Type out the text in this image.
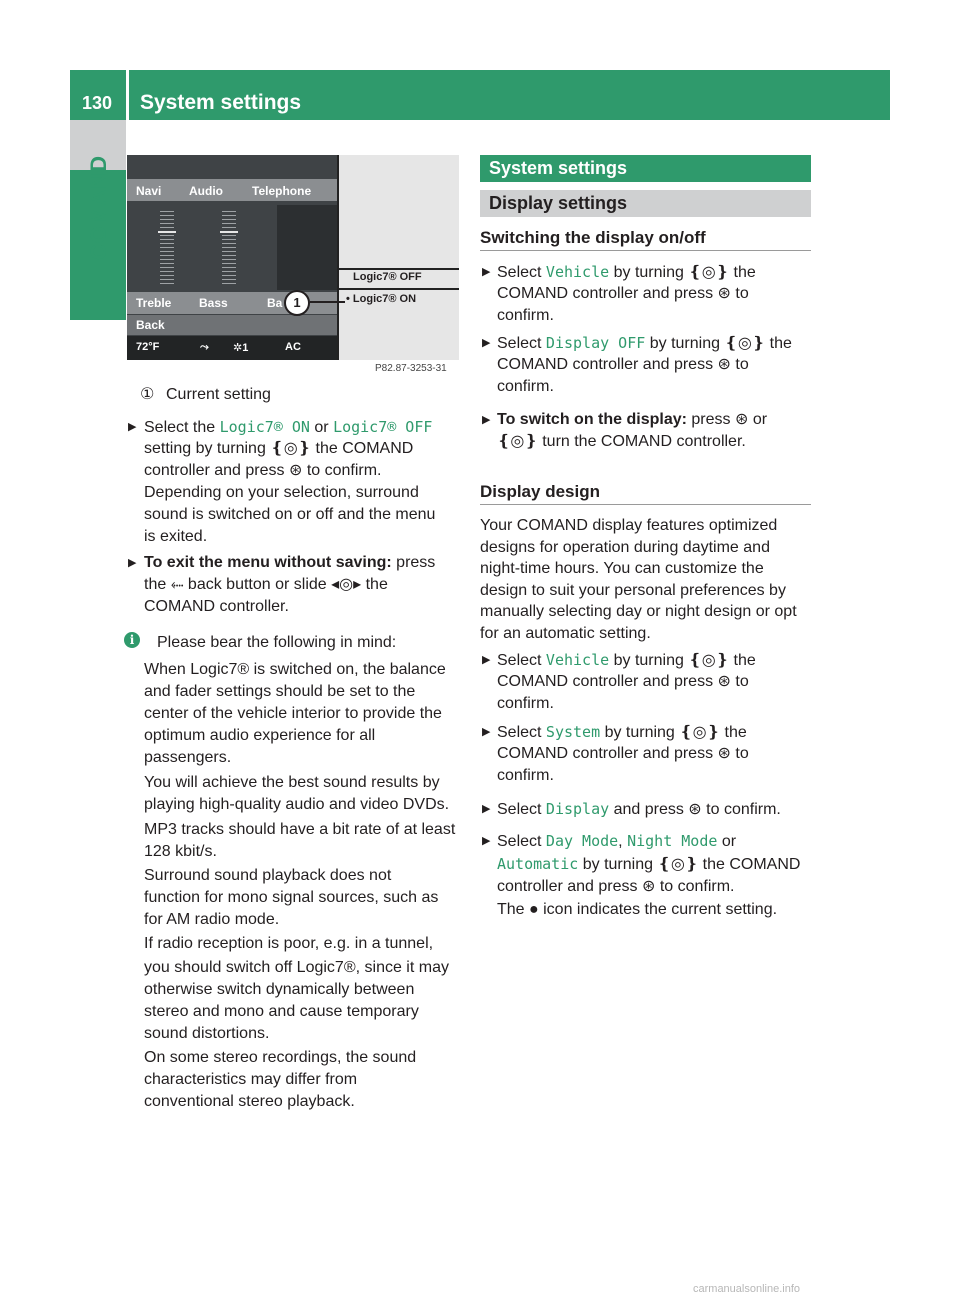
130 System settings
COMAND Navi Audio Telephone
Treble Bass	Ba
Back
72°F	⤳ ✲1	AC
Logic7® OFF
• Logic7® ON
1
P82.87-3253-31
① Current setting
▶ Select the Logic7® ON or Logic7® OFF
setting by turning ❴◎❵ the COMAND
controller and press ⊛ to confirm.
Depending on your selection, surround
sound is switched on or off and the menu
is exited.
▶ To exit the menu without saving: press
the ⬸ back button or slide ◂◎▸ the
COMAND controller.
i	Please bear the following in mind:
When Logic7® is switched on, the balance
and fader settings should be set to the
center of the vehicle interior to provide the
optimum audio experience for all
passengers.
You will achieve the best sound results by
playing high-quality audio and video DVDs.
MP3 tracks should have a bit rate of at least
128 kbit/s.
Surround sound playback does not
function for mono signal sources, such as
for AM radio mode.
If radio reception is poor, e.g. in a tunnel,
you should switch off Logic7®, since it may
otherwise switch dynamically between
stereo and mono and cause temporary
sound distortions.
On some stereo recordings, the sound
characteristics may differ from
conventional stereo playback.
System settings
Display settings
Switching the display on/off
▶ Select Vehicle by turning ❴◎❵ the
COMAND controller and press ⊛ to
confirm.
▶ Select Display OFF by turning ❴◎❵ the
COMAND controller and press ⊛ to
confirm.
▶ To switch on the display: press ⊛ or
❴◎❵ turn the COMAND controller.
Display design
Your COMAND display features optimized
designs for operation during daytime and
night-time hours. You can customize the
design to suit your personal preferences by
manually selecting day or night design or opt
for an automatic setting.
▶ Select Vehicle by turning ❴◎❵ the
COMAND controller and press ⊛ to
confirm.
▶ Select System by turning ❴◎❵ the
COMAND controller and press ⊛ to
confirm.
▶ Select Display and press ⊛ to confirm.
▶ Select Day Mode, Night Mode or
Automatic by turning ❴◎❵ the COMAND
controller and press ⊛ to confirm.
The ● icon indicates the current setting.
carmanualsonline.info
